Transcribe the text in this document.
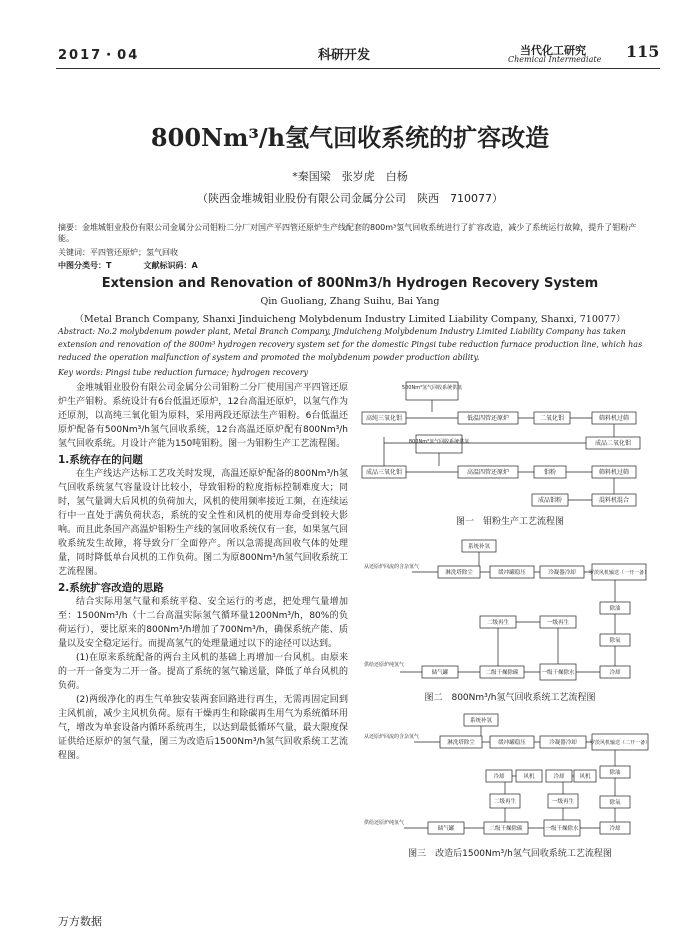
2017・04	科研开发	当代化工研究
Chemical Intermediate 115
800Nm³/h氢气回收系统的扩容改造
*秦国梁　张岁虎　白杨
（陕西金堆城钼业股份有限公司金属分公司　陕西　710077）
摘要：金堆城钼业股份有限公司金属分公司钼粉二分厂对国产平四管还原炉生产线配套的800m³氢气回收系统进行了扩容改造，减少了系统运行故障，提升了钼粉产能。
关键词：平四管还原炉；氢气回收
中图分类号：T　　　　文献标识码：A
Extension and Renovation of 800Nm3/h Hydrogen Recovery System
Qin Guoliang, Zhang Suihu, Bai Yang
（Metal Branch Company, Shanxi Jinduicheng Molybdenum Industry Limited Liability Company, Shanxi, 710077）
Abstract: No.2 molybdenum powder plant, Metal Branch Company, Jinduicheng Molybdenum Industry Limited Liability Company has taken extension and renovation of the 800m³ hydrogen recovery system set for the domestic Pingsi tube reduction furnace production line, which has reduced the operation malfunction of system and promoted the molybdenum powder production ability.
Key words: Pingsi tube reduction furnace; hydrogen recovery

金堆城钼业股份有限公司金属分公司钼粉二分厂使用国产平四管还原炉生产钼粉。系统设计有6台低温还原炉，12台高温还原炉，以氢气作为还原剂，以高纯三氧化钼为原料，采用两段还原法生产钼粉。6台低温还原炉配备有500Nm³/h氢气回收系统，12台高温还原炉配有800Nm³/h氢气回收系统。月设计产能为150吨钼粉。图一为钼粉生产工艺流程图。

1.系统存在的问题

在生产线达产达标工艺攻关时发现，高温还原炉配备的800Nm³/h氢气回收系统氢气容量设计比较小，导致钼粉的粒度指标控制难度大；同时，氢气量调大后风机的负荷加大，风机的使用频率接近工频，在连续运行中一直处于满负荷状态，系统的安全性和风机的使用寿命受到较大影响。而且此条国产高温炉钼粉生产线的氢回收系统仅有一套，如果氢气回收系统发生故障，将导致分厂全面停产。所以急需提高回收气体的处理量，同时降低单台风机的工作负荷。图二为原800Nm³/h氢气回收系统工艺流程图。

2.系统扩容改造的思路

结合实际用氢气量和系统平稳、安全运行的考虑，把处理气量增加至：1500Nm³/h（十二台高温实际氢气循环量1200Nm³/h，80%的负荷运行），要比原来的800Nm³/h增加了700Nm³/h，确保系统产能、质量以及安全稳定运行。而提高氢气的处理量通过以下的途径可以达到。

(1)在原来系统配备的两台主风机的基础上再增加一台风机。由原来的一开一备变为二开一备。提高了系统的氢气输送量，降低了单台风机的负荷。

(2)两级净化的再生气单独安装两套回路进行再生，无需再固定回到主风机前，减少主风机负荷。原有干燥再生和除碳再生用气为系统循环用气，增改为单套设备内循环系统再生，以达到最低循环气量，最大限度保证供给还原炉的氢气量，图三为改造后1500Nm³/h氢气回收系统工艺流程图。

500Nm³氢气回收系统供氢
高纯三氧化钼	低温四管还原炉	二氧化钼	筛料机过筛
成品二氧化钼
800Nm³氢气回收系统供氢
成品三氧化钼	高温四管还原炉	钼粉	筛料机过筛
成品钼粉	混料机混合
图一　钼粉生产工艺流程图
系统补氢
从还原炉回流的含杂氢气
淋洗塔除尘	缓冲罐稳压	冷凝器冷却	罗茨风机输送（一开一备）
除油
除氧
二级再生	一级再生
供给还原炉纯氢气
储气罐	二级干燥除碳	一级干燥除水	冷却
图二　800Nm³/h氢气回收系统工艺流程图
系统补氢
从还原炉回流的含杂氢气
淋洗塔除尘	缓冲罐稳压	冷凝器冷却	罗茨风机输送（二开一备）
除油
除氧
冷却	风机	冷却	风机
二级再生	一级再生
供给还原炉纯氢气
储气罐	二级干燥除碳	一级干燥除水	冷却
图三　改造后1500Nm³/h氢气回收系统工艺流程图
万方数据
